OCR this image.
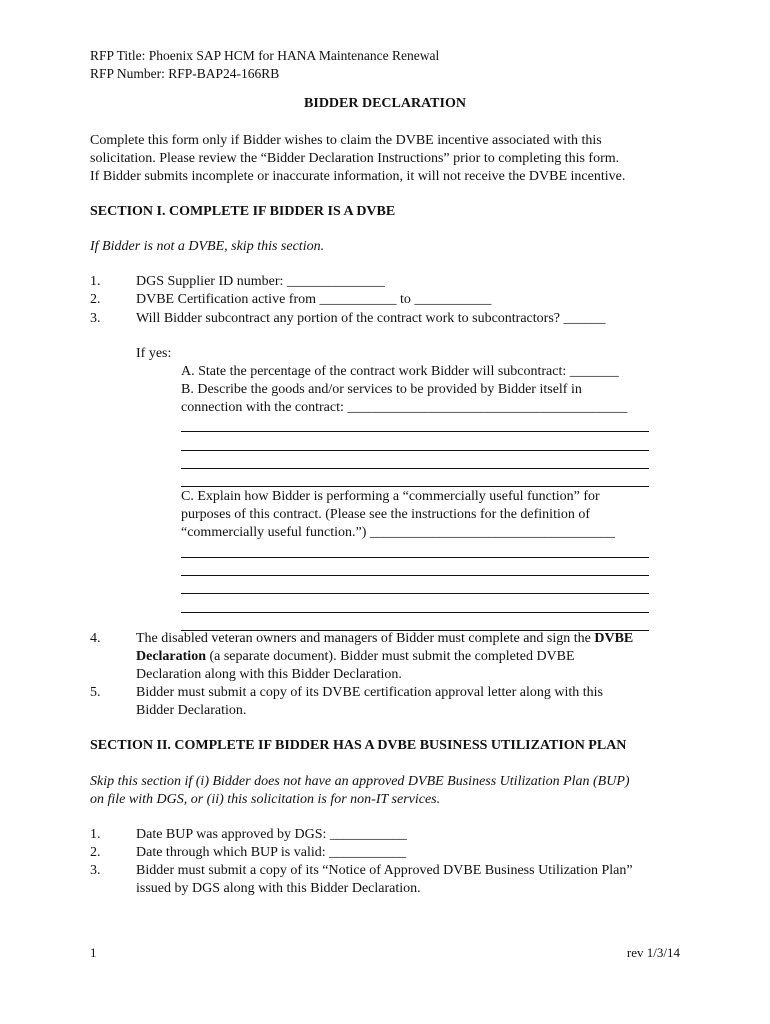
RFP Title: Phoenix SAP HCM for HANA Maintenance Renewal
RFP Number: RFP-BAP24-166RB
BIDDER DECLARATION
Complete this form only if Bidder wishes to claim the DVBE incentive associated with this
solicitation. Please review the “Bidder Declaration Instructions” prior to completing this form.
If Bidder submits incomplete or inaccurate information, it will not receive the DVBE incentive.
SECTION I. COMPLETE IF BIDDER IS A DVBE
If Bidder is not a DVBE, skip this section.
1.	DGS Supplier ID number: ______________
2.	DVBE Certification active from ___________ to ___________
3.	Will Bidder subcontract any portion of the contract work to subcontractors? ______
If yes:
A. State the percentage of the contract work Bidder will subcontract: _______
B. Describe the goods and/or services to be provided by Bidder itself in
connection with the contract: ________________________________________
C. Explain how Bidder is performing a “commercially useful function” for
purposes of this contract. (Please see the instructions for the definition of
“commercially useful function.”) ___________________________________
4.	The disabled veteran owners and managers of Bidder must complete and sign the DVBE
Declaration (a separate document). Bidder must submit the completed DVBE
Declaration along with this Bidder Declaration.
5.	Bidder must submit a copy of its DVBE certification approval letter along with this
Bidder Declaration.
SECTION II. COMPLETE IF BIDDER HAS A DVBE BUSINESS UTILIZATION PLAN
Skip this section if (i) Bidder does not have an approved DVBE Business Utilization Plan (BUP)
on file with DGS, or (ii) this solicitation is for non-IT services.
1.	Date BUP was approved by DGS: ___________
2.	Date through which BUP is valid: ___________
3.	Bidder must submit a copy of its “Notice of Approved DVBE Business Utilization Plan”
issued by DGS along with this Bidder Declaration.
1	rev 1/3/14
